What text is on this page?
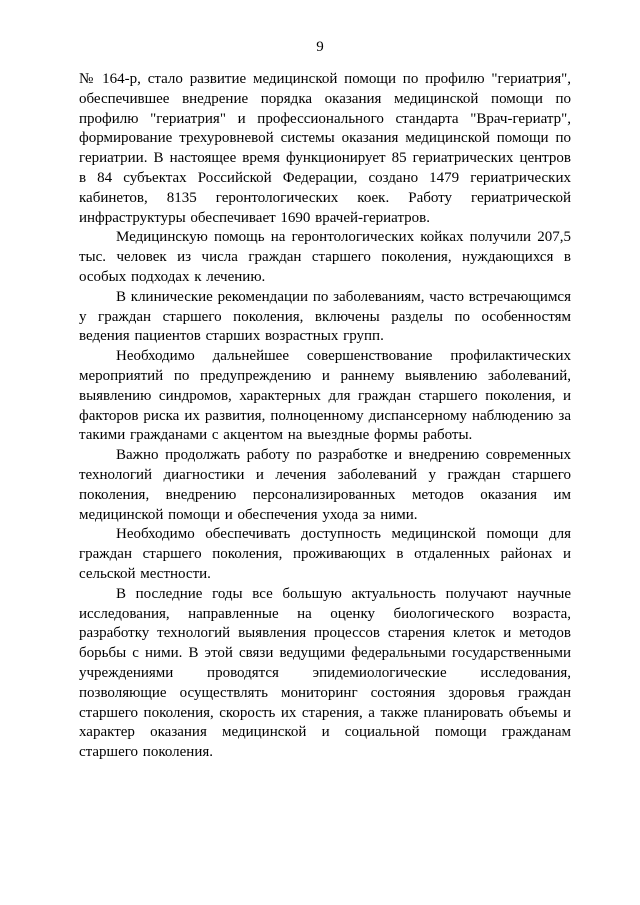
9

№ 164-р, стало развитие медицинской помощи по профилю "гериатрия", обеспечившее внедрение порядка оказания медицинской помощи по профилю "гериатрия" и профессионального стандарта "Врач-гериатр", формирование трехуровневой системы оказания медицинской помощи по гериатрии. В настоящее время функционирует 85 гериатрических центров в 84 субъектах Российской Федерации, создано 1479 гериатрических кабинетов, 8135 геронтологических коек. Работу гериатрической инфраструктуры обеспечивает 1690 врачей-гериатров.

Медицинскую помощь на геронтологических койках получили 207,5 тыс. человек из числа граждан старшего поколения, нуждающихся в особых подходах к лечению.

В клинические рекомендации по заболеваниям, часто встречающимся у граждан старшего поколения, включены разделы по особенностям ведения пациентов старших возрастных групп.

Необходимо дальнейшее совершенствование профилактических мероприятий по предупреждению и раннему выявлению заболеваний, выявлению синдромов, характерных для граждан старшего поколения, и факторов риска их развития, полноценному диспансерному наблюдению за такими гражданами с акцентом на выездные формы работы.

Важно продолжать работу по разработке и внедрению современных технологий диагностики и лечения заболеваний у граждан старшего поколения, внедрению персонализированных методов оказания им медицинской помощи и обеспечения ухода за ними.

Необходимо обеспечивать доступность медицинской помощи для граждан старшего поколения, проживающих в отдаленных районах и сельской местности.

В последние годы все большую актуальность получают научные исследования, направленные на оценку биологического возраста, разработку технологий выявления процессов старения клеток и методов борьбы с ними. В этой связи ведущими федеральными государственными учреждениями проводятся эпидемиологические исследования, позволяющие осуществлять мониторинг состояния здоровья граждан старшего поколения, скорость их старения, а также планировать объемы и характер оказания медицинской и социальной помощи гражданам старшего поколения.
